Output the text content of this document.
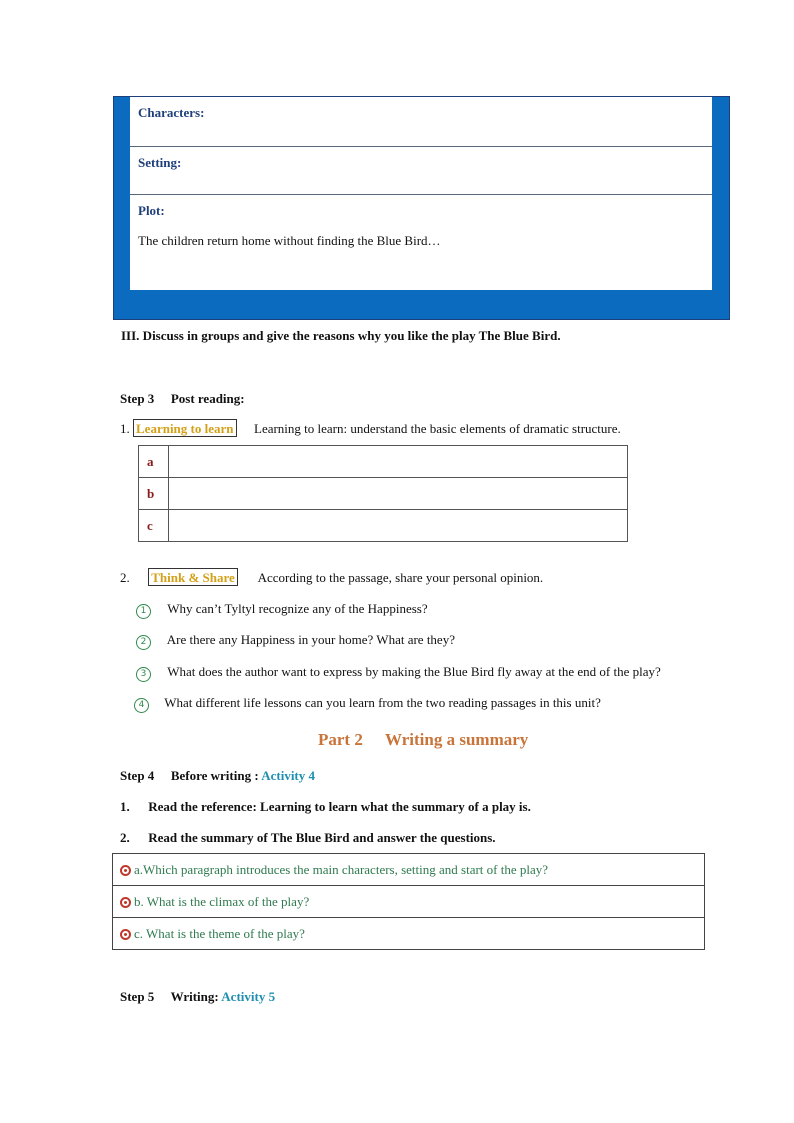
Characters:
Setting:
Plot:
The children return home without finding the Blue Bird…
III. Discuss in groups and give the reasons why you like the play The Blue Bird.
Step 3 Post reading:
1. Learning to learn Learning to learn: understand the basic elements of dramatic structure.
a	
b	
c	
2. Think & Share According to the passage, share your personal opinion.
1 Why can’t Tyltyl recognize any of the Happiness?
2 Are there any Happiness in your home? What are they?
3 What does the author want to express by making the Blue Bird fly away at the end of the play?
4 What different life lessons can you learn from the two reading passages in this unit?
Part 2 Writing a summary
Step 4 Before writing : Activity 4
1. Read the reference: Learning to learn what the summary of a play is.
2. Read the summary of The Blue Bird and answer the questions.
a.Which paragraph introduces the main characters, setting and start of the play?
b. What is the climax of the play?
c. What is the theme of the play?
Step 5 Writing: Activity 5
